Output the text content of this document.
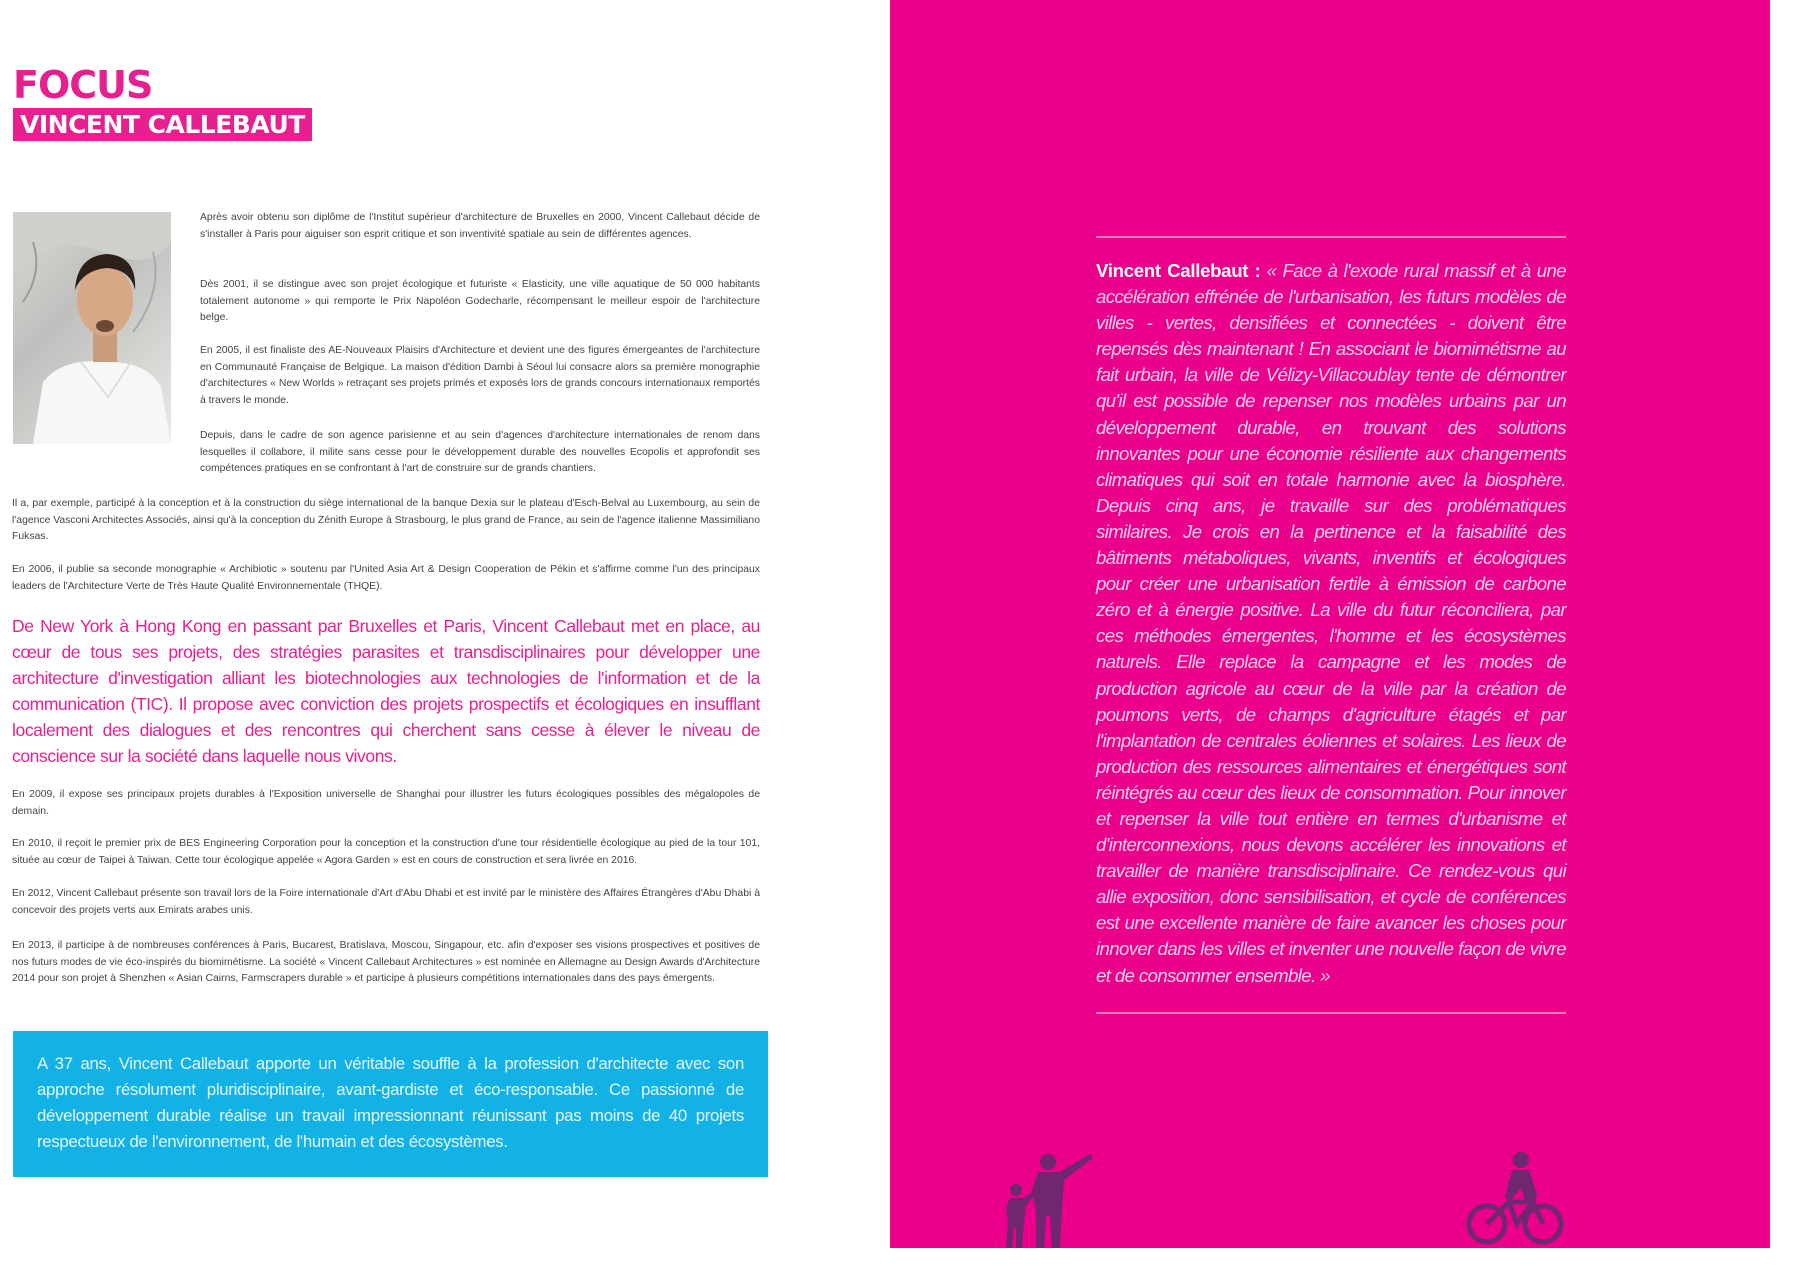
FOCUS
VINCENT CALLEBAUT

Après avoir obtenu son diplôme de l'Institut supérieur d'architecture de Bruxelles en 2000, Vincent Callebaut décide de s'installer à Paris pour aiguiser son esprit critique et son inventivité spatiale au sein de différentes agences.

Dès 2001, il se distingue avec son projet écologique et futuriste « Elasticity, une ville aquatique de 50 000 habitants totalement autonome » qui remporte le Prix Napoléon Godecharle, récompensant le meilleur espoir de l'architecture belge.

En 2005, il est finaliste des AE-Nouveaux Plaisirs d'Architecture et devient une des figures émergeantes de l'architecture en Communauté Française de Belgique. La maison d'édition Dambi à Séoul lui consacre alors sa première monographie d'architectures « New Worlds » retraçant ses projets primés et exposés lors de grands concours internationaux remportés à travers le monde.

Depuis, dans le cadre de son agence parisienne et au sein d'agences d'architecture internationales de renom dans lesquelles il collabore, il milite sans cesse pour le développement durable des nouvelles Ecopolis et approfondit ses compétences pratiques en se confrontant à l'art de construire sur de grands chantiers.

Il a, par exemple, participé à la conception et à la construction du siège international de la banque Dexia sur le plateau d'Esch-Belval au Luxembourg, au sein de l'agence Vasconi Architectes Associés, ainsi qu'à la conception du Zénith Europe à Strasbourg, le plus grand de France, au sein de l'agence italienne Massimiliano Fuksas.

En 2006, il publie sa seconde monographie « Archibiotic » soutenu par l'United Asia Art & Design Cooperation de Pékin et s'affirme comme l'un des principaux leaders de l'Architecture Verte de Très Haute Qualité Environnementale (THQE).

De New York à Hong Kong en passant par Bruxelles et Paris, Vincent Callebaut met en place, au cœur de tous ses projets, des stratégies parasites et transdisciplinaires pour développer une architecture d'investigation alliant les biotechnologies aux technologies de l'information et de la communication (TIC). Il propose avec conviction des projets prospectifs et écologiques en insufflant localement des dialogues et des rencontres qui cherchent sans cesse à élever le niveau de conscience sur la société dans laquelle nous vivons.

En 2009, il expose ses principaux projets durables à l'Exposition universelle de Shanghai pour illustrer les futurs écologiques possibles des mégalopoles de demain.

En 2010, il reçoit le premier prix de BES Engineering Corporation pour la conception et la construction d'une tour résidentielle écologique au pied de la tour 101, située au cœur de Taipei à Taiwan. Cette tour écologique appelée « Agora Garden » est en cours de construction et sera livrée en 2016.

En 2012, Vincent Callebaut présente son travail lors de la Foire internationale d'Art d'Abu Dhabi et est invité par le ministère des Affaires Étrangères d'Abu Dhabi à concevoir des projets verts aux Emirats arabes unis.

En 2013, il participe à de nombreuses conférences à Paris, Bucarest, Bratislava, Moscou, Singapour, etc. afin d'exposer ses visions prospectives et positives de nos futurs modes de vie éco-inspirés du biomimétisme. La société « Vincent Callebaut Architectures » est nominée en Allemagne au Design Awards d'Architecture 2014 pour son projet à Shenzhen « Asian Cairns, Farmscrapers durable » et participe à plusieurs compétitions internationales dans des pays émergents.

A 37 ans, Vincent Callebaut apporte un véritable souffle à la profession d'architecte avec son approche résolument pluridisciplinaire, avant-gardiste et éco-responsable. Ce passionné de développement durable réalise un travail impressionnant réunissant pas moins de 40 projets respectueux de l'environnement, de l'humain et des écosystèmes.

Vincent Callebaut : « Face à l'exode rural massif et à une accélération effrénée de l'urbanisation, les futurs modèles de villes - vertes, densifiées et connectées - doivent être repensés dès maintenant ! En associant le biomimétisme au fait urbain, la ville de Vélizy-Villacoublay tente de démontrer qu'il est possible de repenser nos modèles urbains par un développement durable, en trouvant des solutions innovantes pour une économie résiliente aux changements climatiques qui soit en totale harmonie avec la biosphère. Depuis cinq ans, je travaille sur des problématiques similaires. Je crois en la pertinence et la faisabilité des bâtiments métaboliques, vivants, inventifs et écologiques pour créer une urbanisation fertile à émission de carbone zéro et à énergie positive. La ville du futur réconciliera, par ces méthodes émergentes, l'homme et les écosystèmes naturels. Elle replace la campagne et les modes de production agricole au cœur de la ville par la création de poumons verts, de champs d'agriculture étagés et par l'implantation de centrales éoliennes et solaires. Les lieux de production des ressources alimentaires et énergétiques sont réintégrés au cœur des lieux de consommation. Pour innover et repenser la ville tout entière en termes d'urbanisme et d'interconnexions, nous devons accélérer les innovations et travailler de manière transdisciplinaire. Ce rendez-vous qui allie exposition, donc sensibilisation, et cycle de conférences est une excellente manière de faire avancer les choses pour innover dans les villes et inventer une nouvelle façon de vivre et de consommer ensemble. »
